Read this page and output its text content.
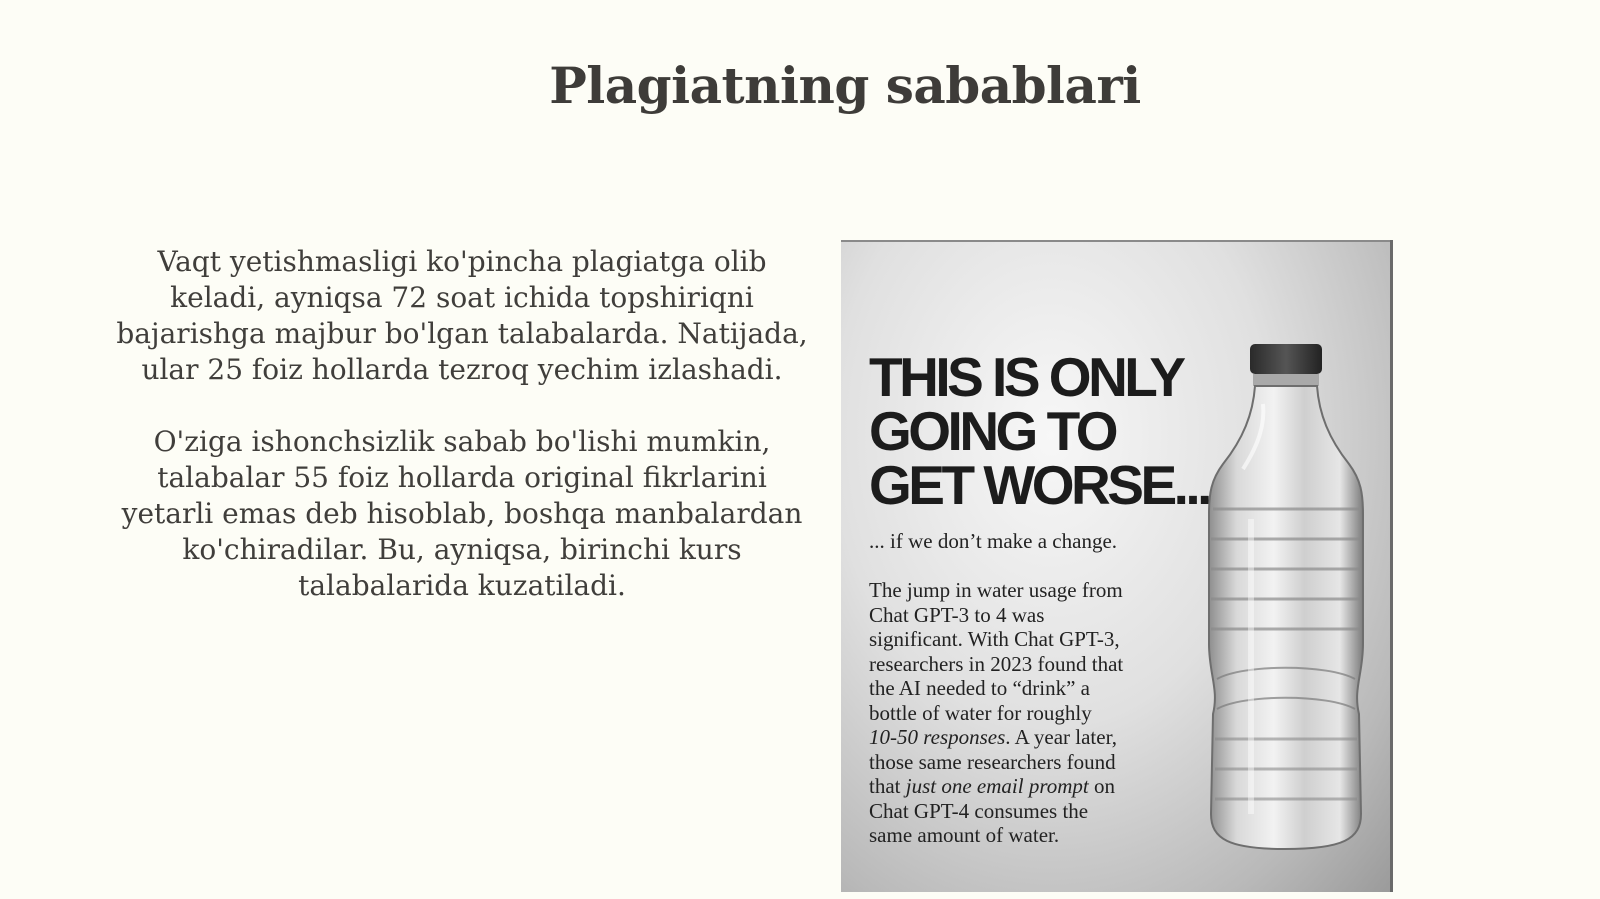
Plagiatning sabablari

Vaqt yetishmasligi ko'pincha plagiatga olib keladi, ayniqsa 72 soat ichida topshiriqni bajarishga majbur bo'lgan talabalarda. Natijada, ular 25 foiz hollarda tezroq yechim izlashadi.

O'ziga ishonchsizlik sabab bo'lishi mumkin, talabalar 55 foiz hollarda original fikrlarini yetarli emas deb hisoblab, boshqa manbalardan ko'chiradilar. Bu, ayniqsa, birinchi kurs talabalarida kuzatiladi.

THIS IS ONLY
GOING TO
GET WORSE...
... if we don’t make a change.
The jump in water usage from
Chat GPT-3 to 4 was
significant. With Chat GPT-3,
researchers in 2023 found that
the AI needed to “drink” a
bottle of water for roughly
10-50 responses. A year later,
those same researchers found
that just one email prompt on
Chat GPT-4 consumes the
same amount of water.
